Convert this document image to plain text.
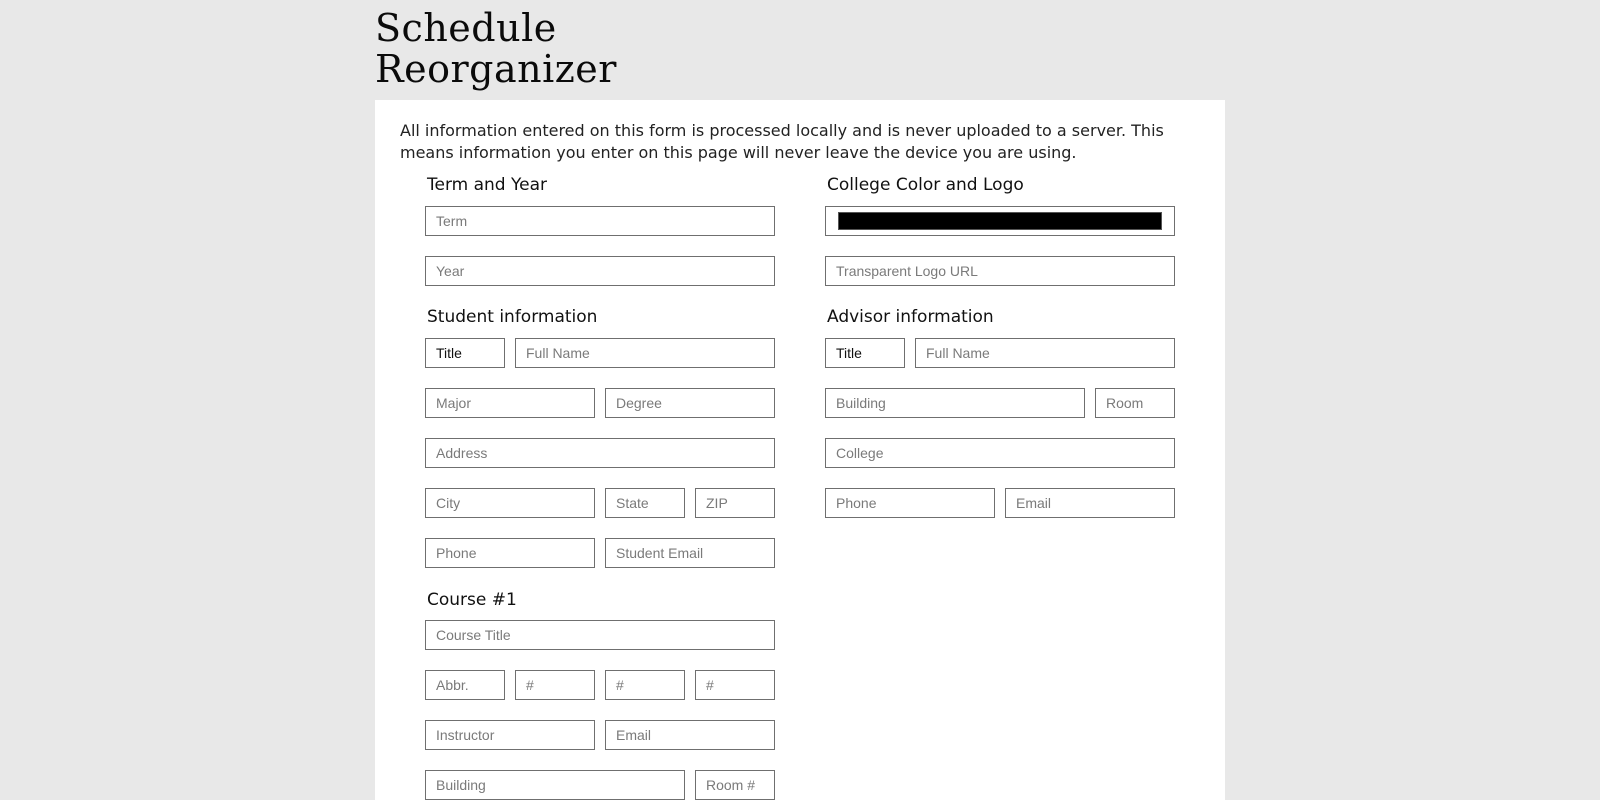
Schedule
Reorganizer

All information entered on this form is processed locally and is never uploaded to a server. This means information you enter on this page will never leave the device you are using.

Term and Year
Term
Year	College Color and Logo
Transparent Logo URL
Student information
Title
Full Name
Major
Degree
Address
City
State
ZIP
Phone
Student Email
Advisor information
Title
Full Name
Building
Room
College
Phone
Email
Course #1
Course Title
Abbr.
#
#
#
Instructor
Email
Building
Room #
